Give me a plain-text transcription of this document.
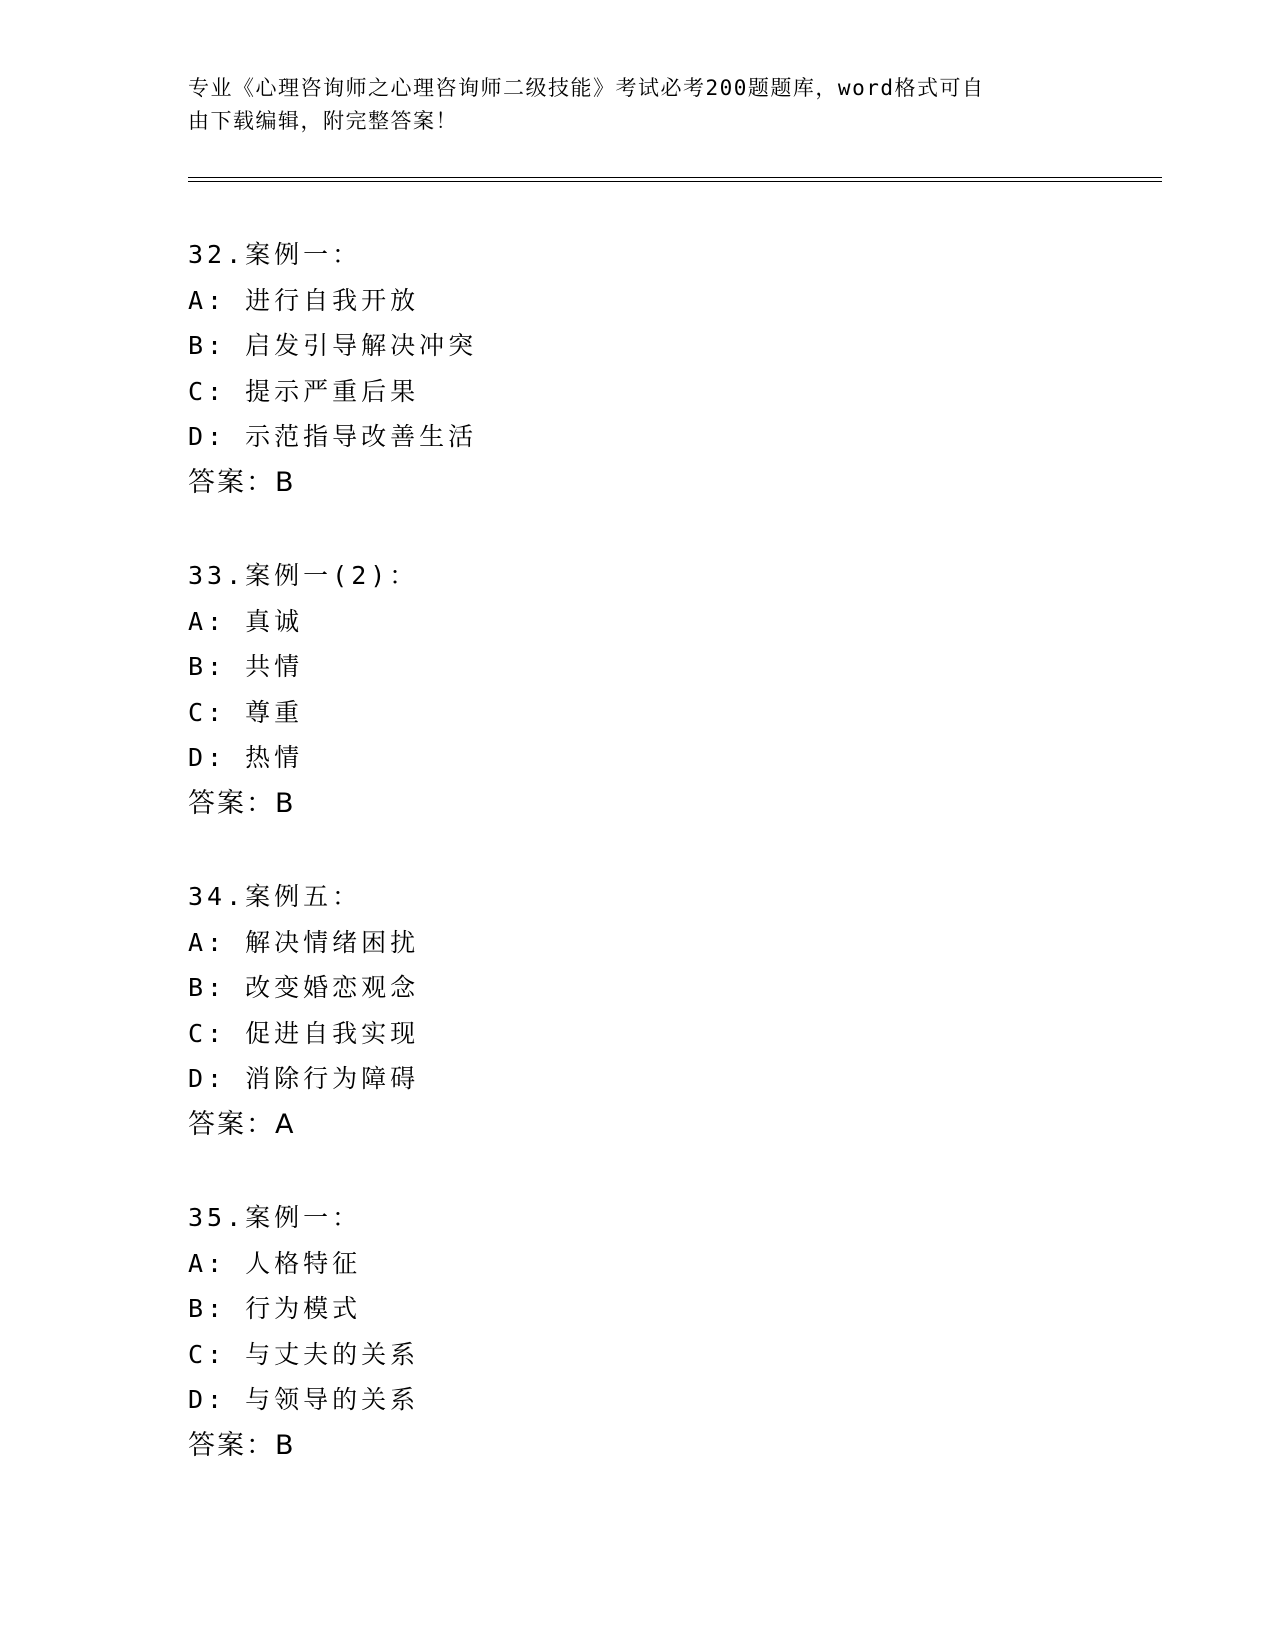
专业《心理咨询师之心理咨询师二级技能》考试必考200题题库，word格式可自
由下载编辑，附完整答案！
32.案例一：
A: 进行自我开放
B: 启发引导解决冲突
C: 提示严重后果
D: 示范指导改善生活
答案：B
33.案例一(2)：
A: 真诚
B: 共情
C: 尊重
D: 热情
答案：B
34.案例五：
A: 解决情绪困扰
B: 改变婚恋观念
C: 促进自我实现
D: 消除行为障碍
答案：A
35.案例一：
A: 人格特征
B: 行为模式
C: 与丈夫的关系
D: 与领导的关系
答案：B
